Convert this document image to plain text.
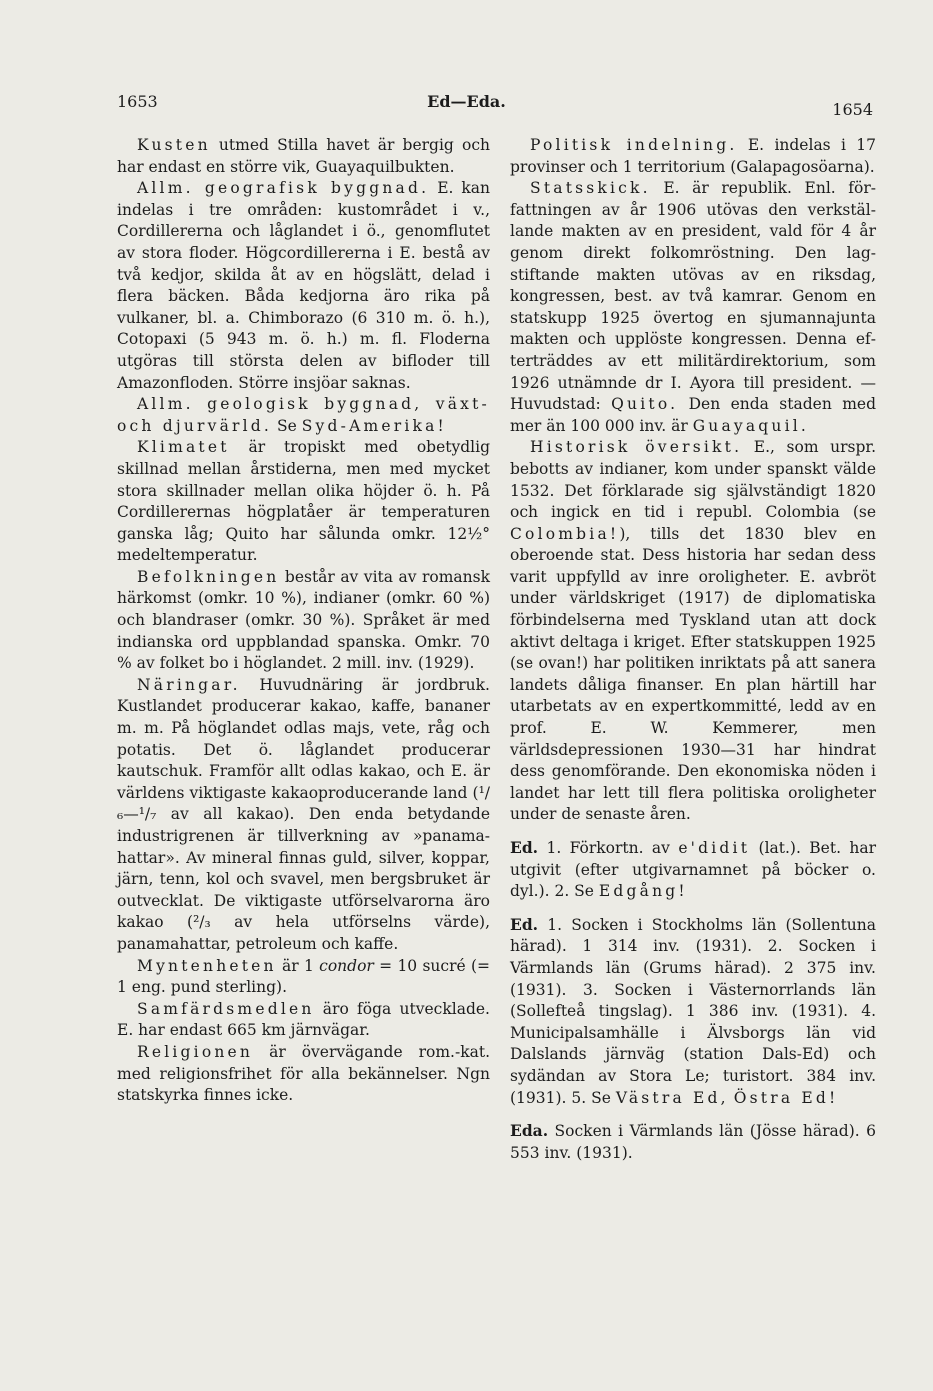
1653	Ed—Eda.	1654

Kusten utmed Stilla havet är bergig och har endast en större vik, Guayaquilbukten.

Allm. geografisk byggnad. E. kan indelas i tre områden: kustområdet i v., Cordillererna och låglandet i ö., genomflutet av stora floder. Högcordillererna i E. bestå av två kedjor, skilda åt av en högslätt, delad i flera bäcken. Båda kedjorna äro rika på vulkaner, bl. a. Chimborazo (6 310 m. ö. h.), Cotopaxi (5 943 m. ö. h.) m. fl. Floderna utgöras till största delen av bifloder till Amazonfloden. Större insjöar saknas.

Allm. geologisk byggnad, växt- och djurvärld. Se Syd-Amerika!

Klimatet är tropiskt med obetydlig skillnad mellan årstiderna, men med mycket stora skillnader mellan olika höjder ö. h. På Cordillerernas högplatåer är temperaturen ganska låg; Quito har sålunda omkr. 12½° medeltemperatur.

Befolkningen består av vita av romansk härkomst (omkr. 10 %), indianer (omkr. 60 %) och blandraser (omkr. 30 %). Språket är med indianska ord uppblandad spanska. Omkr. 70 % av folket bo i höglandet. 2 mill. inv. (1929).

Näringar. Huvudnäring är jordbruk. Kustlandet producerar kakao, kaffe, bananer m. m. På höglandet odlas majs, vete, råg och potatis. Det ö. låglandet producerar kautschuk. Framför allt odlas kakao, och E. är världens viktigaste kakaoproducerande land (¹/₆—¹/₇ av all kakao). Den enda betydande industrigrenen är tillverkning av »panama-hattar». Av mineral finnas guld, silver, koppar, järn, tenn, kol och svavel, men bergsbruket är outvecklat. De viktigaste utförselvarorna äro kakao (²/₃ av hela utförselns värde), panamahattar, petroleum och kaffe.

Myntenheten är 1 condor = 10 sucré (= 1 eng. pund sterling).

Samfärdsmedlen äro föga utvecklade. E. har endast 665 km järnvägar.

Religionen är övervägande rom.-kat. med religionsfrihet för alla bekännelser. Ngn statskyrka finnes icke.

Politisk indelning. E. indelas i 17 provinser och 1 territorium (Galapagosöarna).

Statsskick. E. är republik. Enl. författningen av år 1906 utövas den verkställande makten av en president, vald för 4 år genom direkt folkomröstning. Den lagstiftande makten utövas av en riksdag, kongressen, best. av två kamrar. Genom en statskupp 1925 övertog en sjumannajunta makten och upplöste kongressen. Denna efterträddes av ett militärdirektorium, som 1926 utnämnde dr I. Ayora till president. — Huvudstad: Quito. Den enda staden med mer än 100 000 inv. är Guayaquil.

Historisk översikt. E., som urspr. bebotts av indianer, kom under spanskt välde 1532. Det förklarade sig självständigt 1820 och ingick en tid i republ. Colombia (se Colombia!), tills det 1830 blev en oberoende stat. Dess historia har sedan dess varit uppfylld av inre oroligheter. E. avbröt under världskriget (1917) de diplomatiska förbindelserna med Tyskland utan att dock aktivt deltaga i kriget. Efter statskuppen 1925 (se ovan!) har politiken inriktats på att sanera landets dåliga finanser. En plan härtill har utarbetats av en expertkommitté, ledd av en prof. E. W. Kemmerer, men världsdepressionen 1930—31 har hindrat dess genomförande. Den ekonomiska nöden i landet har lett till flera politiska oroligheter under de senaste åren.

Ed. 1. Förkortn. av e'didit (lat.). Bet. har utgivit (efter utgivarnamnet på böcker o. dyl.). 2. Se Edgång!

Ed. 1. Socken i Stockholms län (Sollentuna härad). 1 314 inv. (1931). 2. Socken i Värmlands län (Grums härad). 2 375 inv. (1931). 3. Socken i Västernorrlands län (Sollefteå tingslag). 1 386 inv. (1931). 4. Municipalsamhälle i Älvsborgs län vid Dalslands järnväg (station Dals-Ed) och sydändan av Stora Le; turistort. 384 inv. (1931). 5. Se Västra Ed, Östra Ed!

Eda. Socken i Värmlands län (Jösse härad). 6 553 inv. (1931).
